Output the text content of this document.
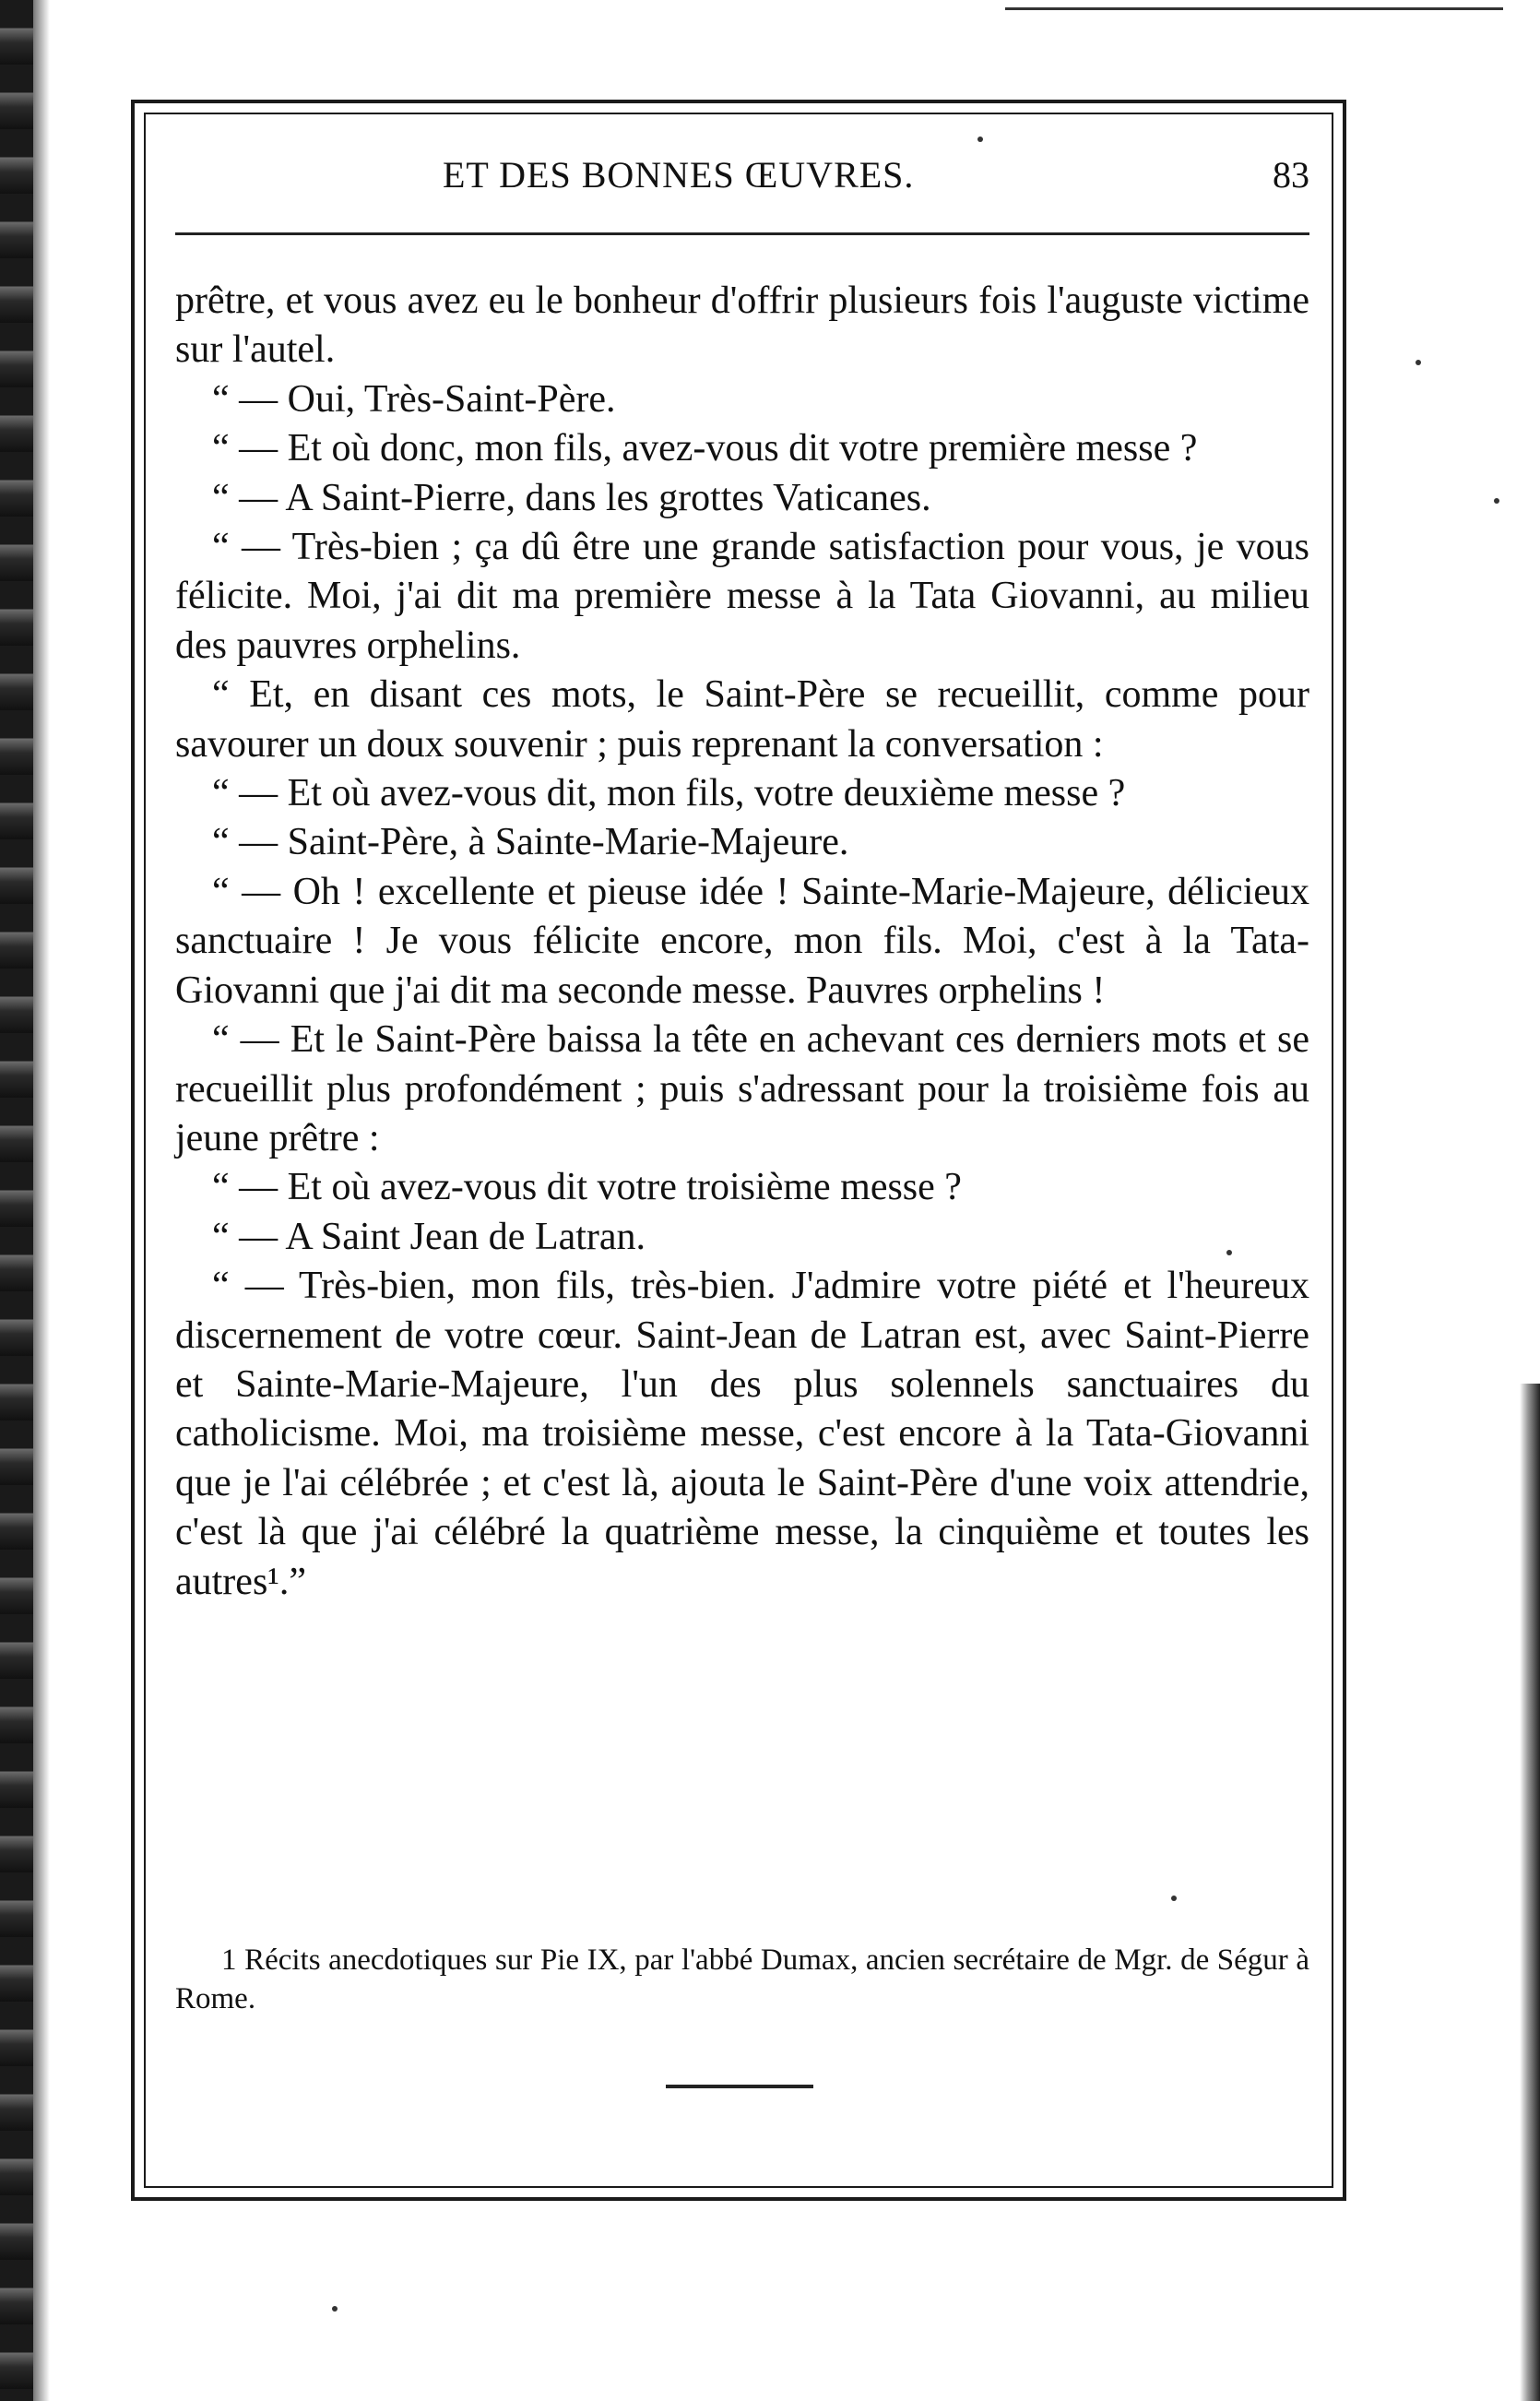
ET DES BONNES ŒUVRES.	83

prêtre, et vous avez eu le bonheur d'offrir plusieurs fois l'auguste victime sur l'autel.

“ — Oui, Très-Saint-Père.

“ — Et où donc, mon fils, avez-vous dit votre première messe ?

“ — A Saint-Pierre, dans les grottes Vaticanes.

“ — Très-bien ; ça dû être une grande satisfaction pour vous, je vous félicite. Moi, j'ai dit ma première messe à la Tata Giovanni, au milieu des pauvres orphelins.

“ Et, en disant ces mots, le Saint-Père se recueillit, comme pour savourer un doux souvenir ; puis reprenant la conversation :

“ — Et où avez-vous dit, mon fils, votre deuxième messe ?

“ — Saint-Père, à Sainte-Marie-Majeure.

“ — Oh ! excellente et pieuse idée ! Sainte-Marie-Majeure, délicieux sanctuaire ! Je vous félicite encore, mon fils. Moi, c'est à la Tata-Giovanni que j'ai dit ma seconde messe. Pauvres orphelins !

“ — Et le Saint-Père baissa la tête en achevant ces derniers mots et se recueillit plus profondément ; puis s'adressant pour la troisième fois au jeune prêtre :

“ — Et où avez-vous dit votre troisième messe ?

“ — A Saint Jean de Latran.

“ — Très-bien, mon fils, très-bien. J'admire votre piété et l'heureux discernement de votre cœur. Saint-Jean de Latran est, avec Saint-Pierre et Sainte-Marie-Majeure, l'un des plus solennels sanctuaires du catholicisme. Moi, ma troisième messe, c'est encore à la Tata-Giovanni que je l'ai célébrée ; et c'est là, ajouta le Saint-Père d'une voix attendrie, c'est là que j'ai célébré la quatrième messe, la cinquième et toutes les autres¹.”

1 Récits anecdotiques sur Pie IX, par l'abbé Dumax, ancien secrétaire de Mgr. de Ségur à Rome.
